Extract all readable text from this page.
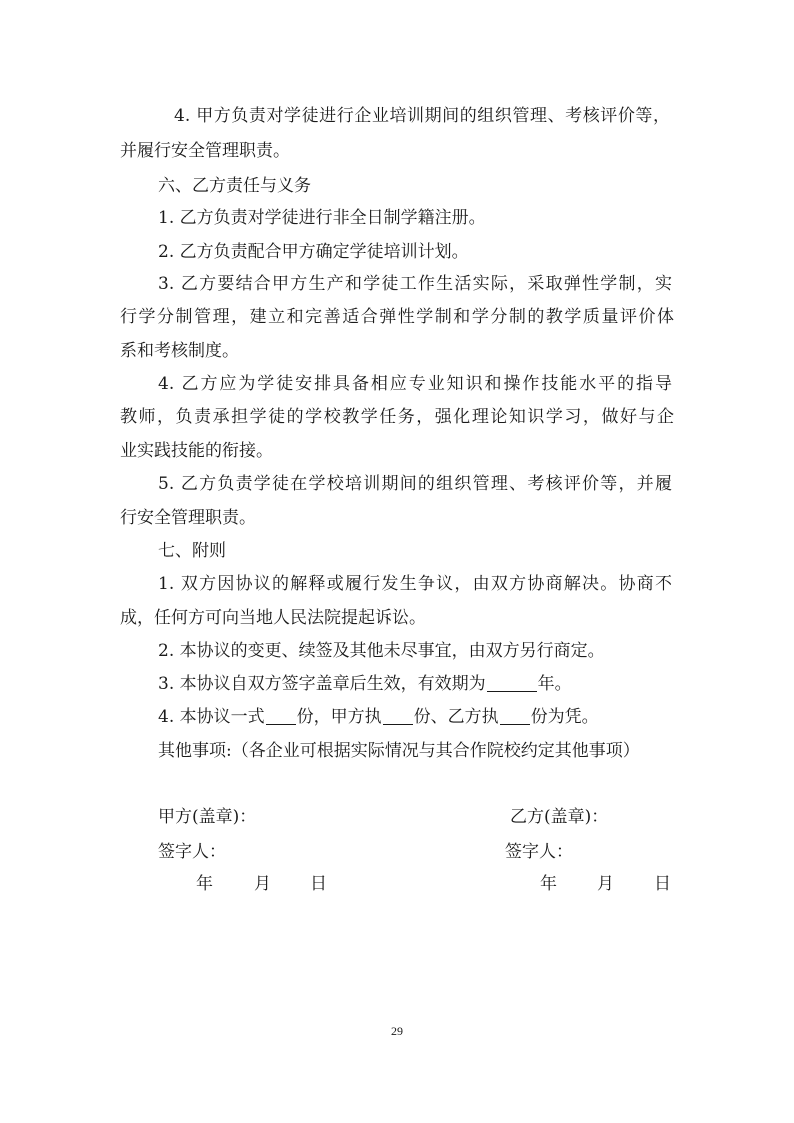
4. 甲方负责对学徒进行企业培训期间的组织管理、考核评价等，
并履行安全管理职责。
六、乙方责任与义务
1. 乙方负责对学徒进行非全日制学籍注册。
2. 乙方负责配合甲方确定学徒培训计划。
3. 乙方要结合甲方生产和学徒工作生活实际，采取弹性学制，实
行学分制管理，建立和完善适合弹性学制和学分制的教学质量评价体
系和考核制度。
4. 乙方应为学徒安排具备相应专业知识和操作技能水平的指导
教师，负责承担学徒的学校教学任务，强化理论知识学习，做好与企
业实践技能的衔接。
5. 乙方负责学徒在学校培训期间的组织管理、考核评价等，并履
行安全管理职责。
七、附则
1. 双方因协议的解释或履行发生争议，由双方协商解决。协商不
成，任何方可向当地人民法院提起诉讼。
2. 本协议的变更、续签及其他未尽事宜，由双方另行商定。
3. 本协议自双方签字盖章后生效，有效期为	年。
4. 本协议一式 份，甲方执 份、乙方执 份为凭。
其他事项:（各企业可根据实际情况与其合作院校约定其他事项）
甲方(盖章)：	乙方(盖章)：
签字人：	签字人：
年 月 日	年 月 日
29
